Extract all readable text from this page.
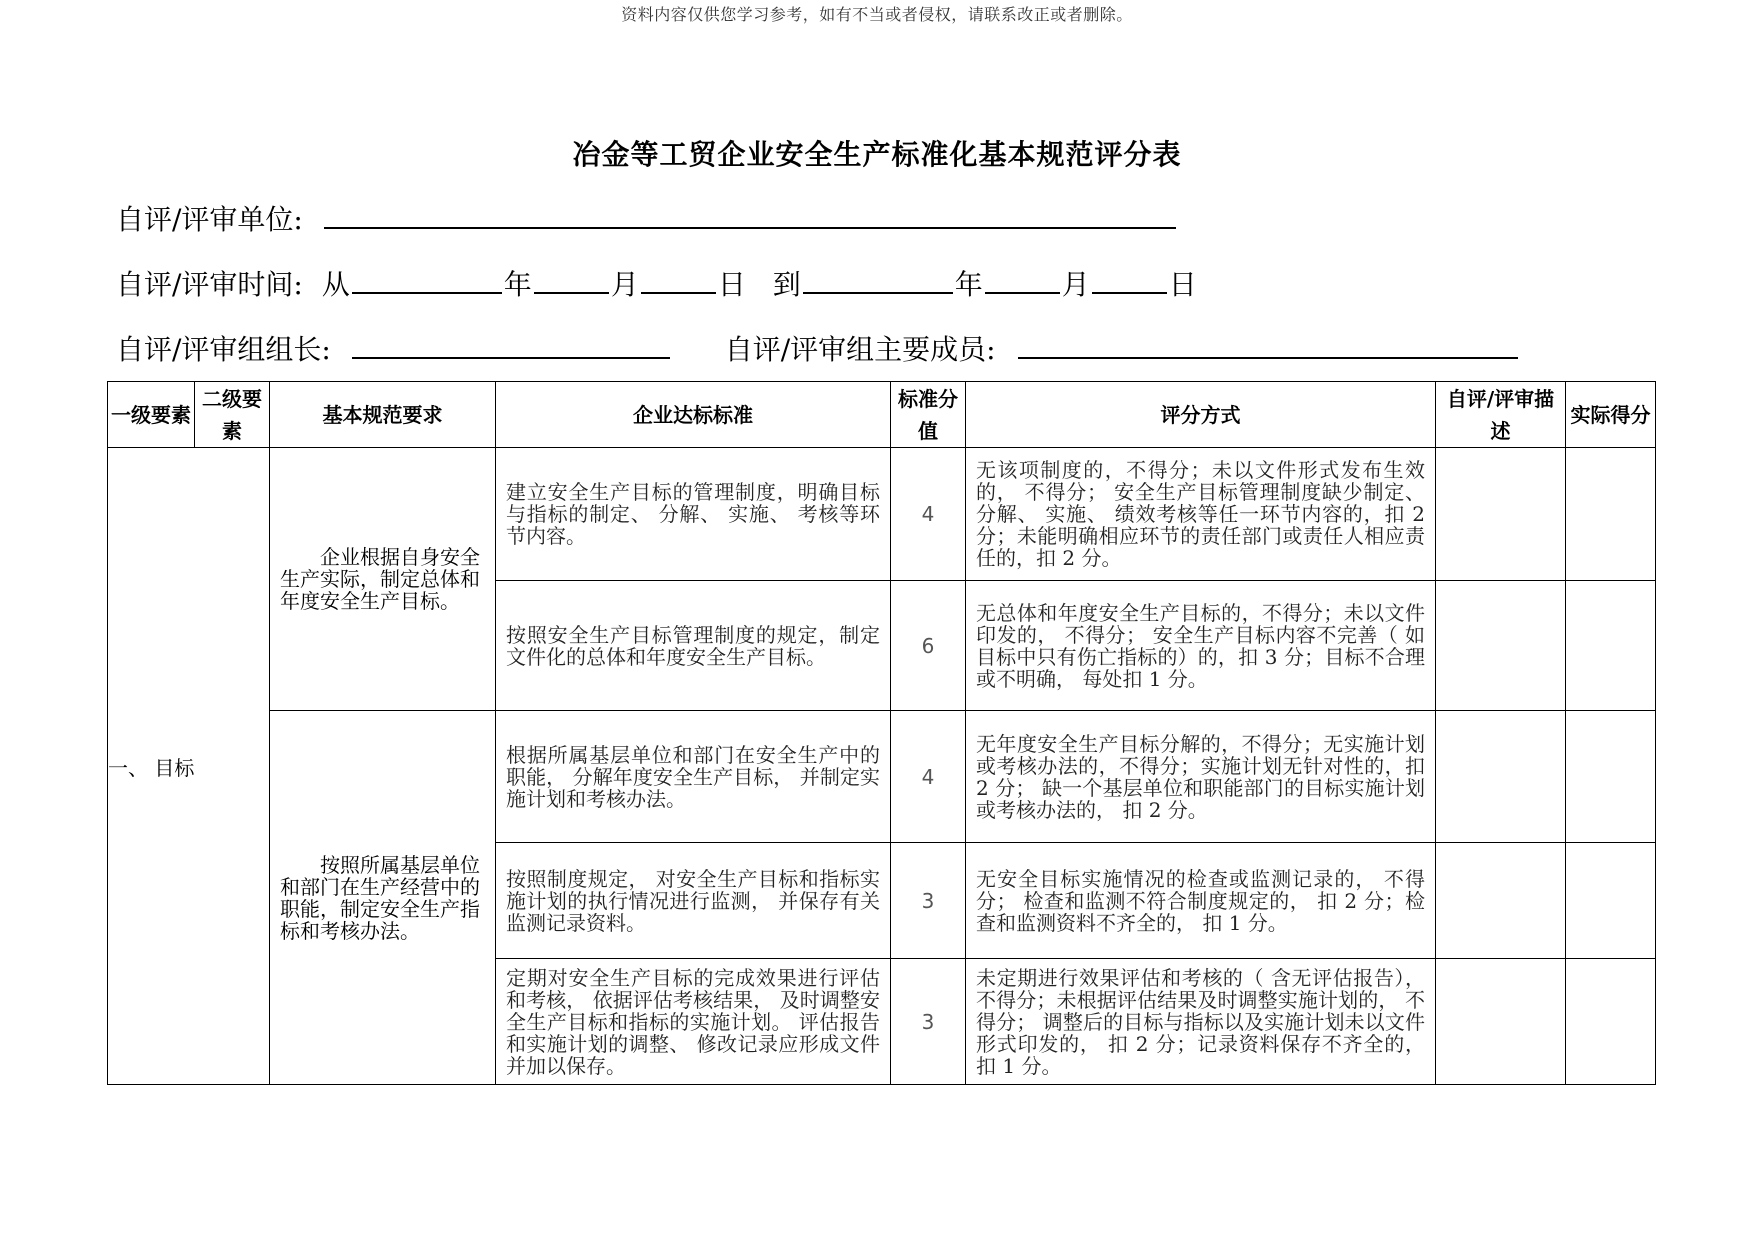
资料内容仅供您学习参考，如有不当或者侵权，请联系改正或者删除。
冶金等工贸企业安全生产标准化基本规范评分表
自评/评审单位:
自评/评审时间: 从	年	月	日 到	年	月	日
自评/评审组组长:	自评/评审组主要成员:
一级要素	二级要素	基本规范要求	企业达标标准	标准分值	评分方式	自评/评审描 述	实际得分
一、 目标		企业根据自身安全生产实际，制定总体和年度安全生产目标。	建立安全生产目标的管理制度，明确目标与指标的制定、 分解、 实施、 考核等环节内容。	4	无该项制度的，不得分；未以文件形式发布生效的， 不得分； 安全生产目标管理制度缺少制定、分解、 实施、 绩效考核等任一环节内容的，扣 2 分；未能明确相应环节的责任部门或责任人相应责任的，扣 2 分。		

			按照安全生产目标管理制度的规定，制定文件化的总体和年度安全生产目标。	6	无总体和年度安全生产目标的，不得分；未以文件印发的， 不得分； 安全生产目标内容不完善（ 如目标中只有伤亡指标的）的，扣 3 分；目标不合理或不明确， 每处扣 1 分。		

		按照所属基层单位和部门在生产经营中的职能，制定安全生产指标和考核办法。	根据所属基层单位和部门在安全生产中的职能， 分解年度安全生产目标， 并制定实施计划和考核办法。	4	无年度安全生产目标分解的，不得分；无实施计划或考核办法的，不得分；实施计划无针对性的，扣 2 分； 缺一个基层单位和职能部门的目标实施计划或考核办法的， 扣 2 分。		

			按照制度规定， 对安全生产目标和指标实施计划的执行情况进行监测， 并保存有关监测记录资料。	3	无安全目标实施情况的检查或监测记录的， 不得分； 检查和监测不符合制度规定的， 扣 2 分；检查和监测资料不齐全的， 扣 1 分。		

			定期对安全生产目标的完成效果进行评估和考核， 依据评估考核结果， 及时调整安全生产目标和指标的实施计划。 评估报告和实施计划的调整、 修改记录应形成文件并加以保存。	3	未定期进行效果评估和考核的（ 含无评估报告）， 不得分；未根据评估结果及时调整实施计划的， 不得分； 调整后的目标与指标以及实施计划未以文件形式印发的， 扣 2 分；记录资料保存不齐全的， 扣 1 分。		
